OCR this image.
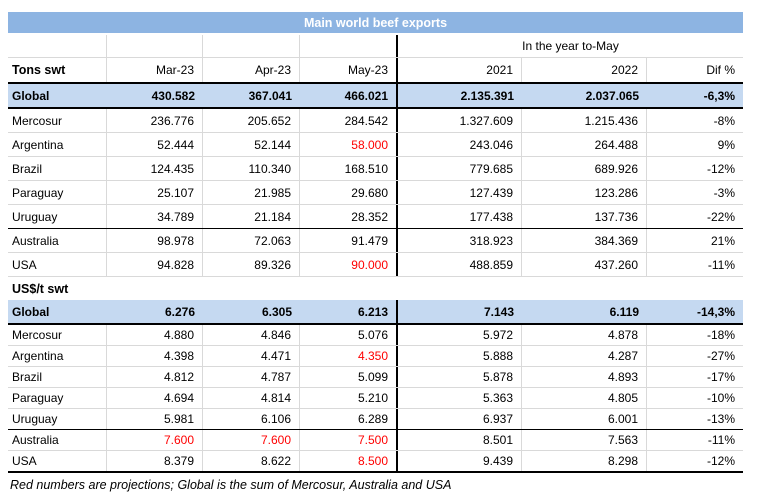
Main world beef exports
In the year to-May
Tons swt	Mar-23	Apr-23	May-23	2021	2022	Dif %
Global	430.582	367.041	466.021	2.135.391	2.037.065	-6,3%
Mercosur	236.776	205.652	284.542	1.327.609	1.215.436	-8%
Argentina	52.444	52.144	58.000	243.046	264.488	9%
Brazil	124.435	110.340	168.510	779.685	689.926	-12%
Paraguay	25.107	21.985	29.680	127.439	123.286	-3%
Uruguay	34.789	21.184	28.352	177.438	137.736	-22%
Australia	98.978	72.063	91.479	318.923	384.369	21%
USA	94.828	89.326	90.000	488.859	437.260	-11%
US$/t swt
Global	6.276	6.305	6.213	7.143	6.119	-14,3%
Mercosur	4.880	4.846	5.076	5.972	4.878	-18%
Argentina	4.398	4.471	4.350	5.888	4.287	-27%
Brazil	4.812	4.787	5.099	5.878	4.893	-17%
Paraguay	4.694	4.814	5.210	5.363	4.805	-10%
Uruguay	5.981	6.106	6.289	6.937	6.001	-13%
Australia	7.600	7.600	7.500	8.501	7.563	-11%
USA	8.379	8.622	8.500	9.439	8.298	-12%
Red numbers are projections; Global is the sum of Mercosur, Australia and USA
